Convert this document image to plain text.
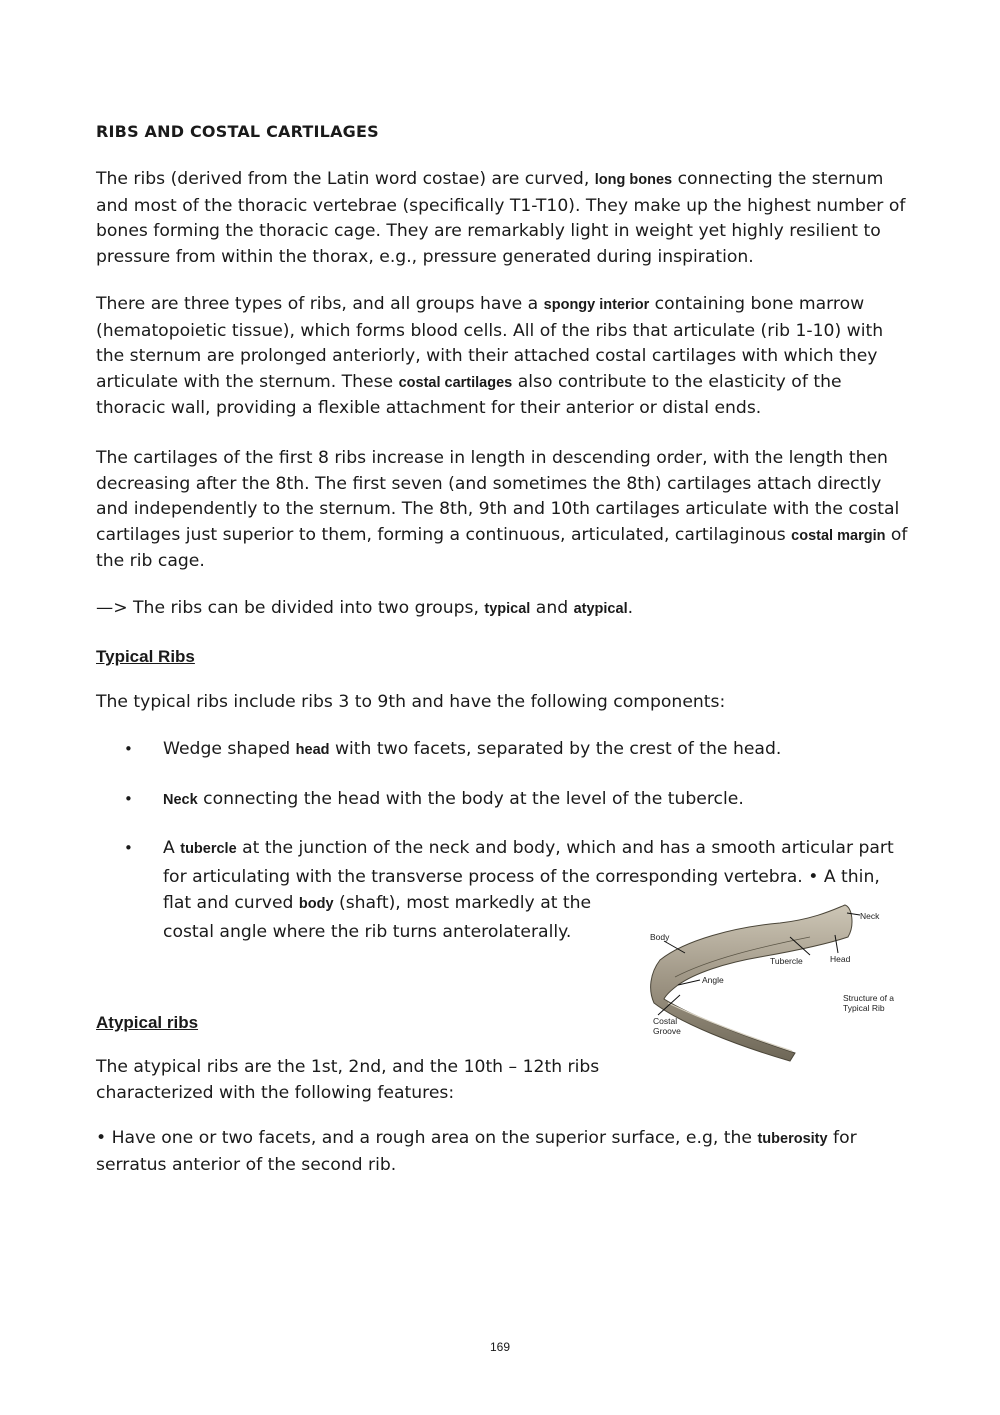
RIBS AND COSTAL CARTILAGES
The ribs (derived from the Latin word costae) are curved, long bones connecting the sternum and most of the thoracic vertebrae (specifically T1-T10). They make up the highest number of bones forming the thoracic cage. They are remarkably light in weight yet highly resilient to pressure from within the thorax, e.g., pressure generated during inspiration.
There are three types of ribs, and all groups have a spongy interior containing bone marrow (hematopoietic tissue), which forms blood cells. All of the ribs that articulate (rib 1-10) with the sternum are prolonged anteriorly, with their attached costal cartilages with which they articulate with the sternum. These costal cartilages also contribute to the elasticity of the thoracic wall, providing a flexible attachment for their anterior or distal ends.
The cartilages of the first 8 ribs increase in length in descending order, with the length then decreasing after the 8th. The first seven (and sometimes the 8th) cartilages attach directly and independently to the sternum. The 8th, 9th and 10th cartilages articulate with the costal cartilages just superior to them, forming a continuous, articulated, cartilaginous costal margin of the rib cage.
—> The ribs can be divided into two groups, typical and atypical.
Typical Ribs
The typical ribs include ribs 3 to 9th and have the following components:
• Wedge shaped head with two facets, separated by the crest of the head.
• Neck connecting the head with the body at the level of the tubercle.
• A tubercle at the junction of the neck and body, which and has a smooth articular part
for articulating with the transverse process of the corresponding vertebra. • A thin,
flat and curved body (shaft), most markedly at the
costal angle where the rib turns anterolaterally.
Neck
Body
Tubercle	Head
Angle
Costal
Groove
Structure of a
Typical Rib
Atypical ribs
The atypical ribs are the 1st, 2nd, and the 10th – 12th ribs
characterized with the following features:
• Have one or two facets, and a rough area on the superior surface, e.g, the tuberosity for serratus anterior of the second rib.
169
